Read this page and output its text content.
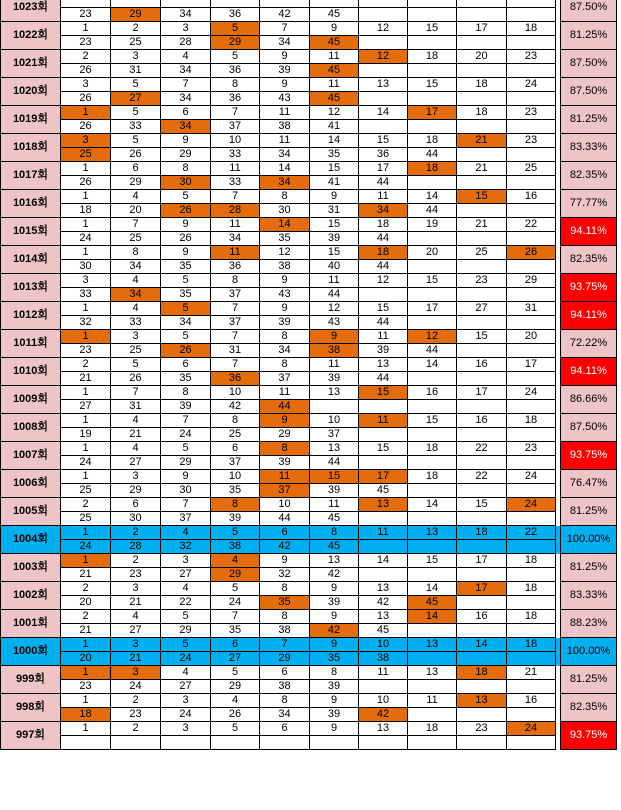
1023회												87.50%
	23	29	34	36	42	45						
1022회	1	2	3	5	7	9	12	15	17	18		81.25%
	23	25	28	29	34	45						
1021회	2	3	4	5	9	11	12	18	20	23		87.50%
	26	31	34	36	39	45						
1020회	3	5	7	8	9	11	13	15	18	24		87.50%
	26	27	34	36	43	45						
1019회	1	5	6	7	11	12	14	17	18	23		81.25%
	26	33	34	37	38	41						
1018회	3	5	9	10	11	14	15	18	21	23		83.33%
	25	26	29	33	34	35	36	44				
1017회	1	6	8	11	14	15	17	18	21	25		82.35%
	26	29	30	33	34	41	44					
1016회	1	4	5	7	8	9	11	14	15	16		77.77%
	18	20	26	28	30	31	34	44				
1015회	1	7	9	11	14	15	18	19	21	22		94.11%
	24	25	26	34	35	39	44					
1014회	1	8	9	11	12	15	18	20	25	26		82.35%
	30	34	35	36	38	40	44					
1013회	3	4	5	8	9	11	12	15	23	29		93.75%
	33	34	35	37	43	44						
1012회	1	4	5	7	9	12	15	17	27	31		94.11%
	32	33	34	37	39	43	44					
1011회	1	3	5	7	8	9	11	12	15	20		72.22%
	23	25	26	31	34	38	39	44				
1010회	2	5	6	7	8	11	13	14	16	17		94.11%
	21	26	35	36	37	39	44					
1009회	1	7	8	10	11	13	15	16	17	24		86.66%
	27	31	39	42	44							
1008회	1	4	7	8	9	10	11	15	16	18		87.50%
	19	21	24	25	29	37						
1007회	1	4	5	6	8	13	15	18	22	23		93.75%
	24	27	29	37	39	44						
1006회	1	3	9	10	11	15	17	18	22	24		76.47%
	25	29	30	35	37	39	45					
1005회	2	6	7	8	10	11	13	14	15	24		81.25%
	25	30	37	39	44	45						
1004회	1	2	4	5	6	8	11	13	18	22		100.00%
	24	28	32	38	42	45						
1003회	1	2	3	4	9	13	14	15	17	18		81.25%
	21	23	27	29	32	42						
1002회	2	3	4	5	8	9	13	14	17	18		83.33%
	20	21	22	24	35	39	42	45				
1001회	2	4	5	7	8	9	13	14	16	18		88.23%
	21	27	29	35	38	42	45					
1000회	1	3	5	6	7	9	10	13	14	18		100.00%
	20	21	24	27	29	35	38					
999회	1	3	4	5	6	8	11	13	18	21		81.25%
	23	24	27	29	38	39						
998회	1	2	3	4	8	9	10	11	13	16		82.35%
	18	23	24	26	34	39	42					
997회	1	2	3	5	6	9	13	18	23	24		93.75%
